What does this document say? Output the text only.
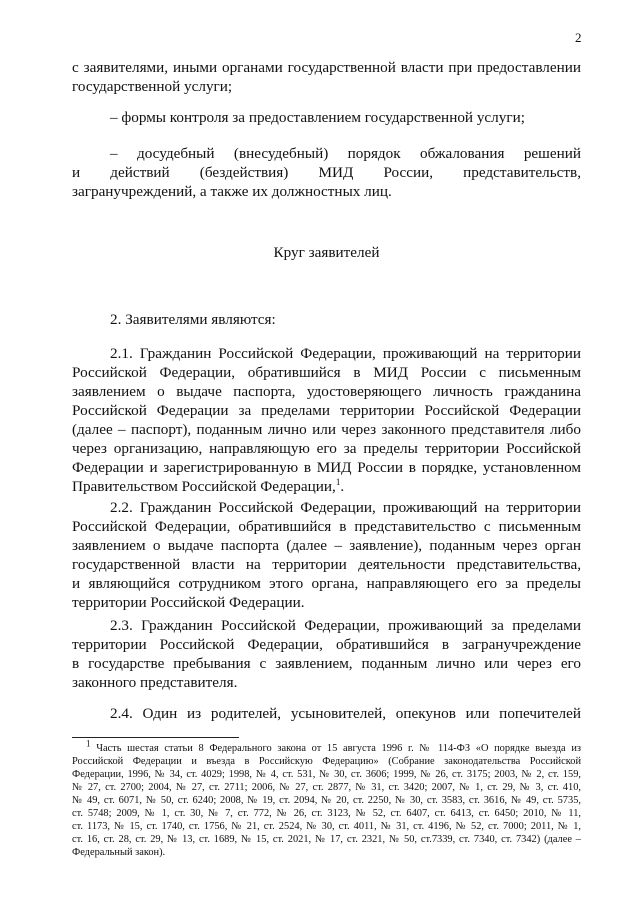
2
с заявителями, иными органами государственной власти при предоставлении
государственной услуги;
– формы контроля за предоставлением государственной услуги;
– досудебный (внесудебный) порядок обжалования решений
и действий (бездействия) МИД России, представительств,
загранучреждений, а также их должностных лиц.
Круг заявителей
2. Заявителями являются:
2.1. Гражданин Российской Федерации, проживающий на территории
Российской Федерации, обратившийся в МИД России с письменным
заявлением о выдаче паспорта, удостоверяющего личность гражданина
Российской Федерации за пределами территории Российской Федерации
(далее – паспорт), поданным лично или через законного представителя либо
через организацию, направляющую его за пределы территории Российской
Федерации и зарегистрированную в МИД России в порядке, установленном
Правительством Российской Федерации,$^1$.
2.2. Гражданин Российской Федерации, проживающий на территории
Российской Федерации, обратившийся в представительство с письменным
заявлением о выдаче паспорта (далее – заявление), поданным через орган
государственной власти на территории деятельности представительства,
и являющийся сотрудником этого органа, направляющего его за пределы
территории Российской Федерации.
2.3. Гражданин Российской Федерации, проживающий за пределами
территории Российской Федерации, обратившийся в загранучреждение
в государстве пребывания с заявлением, поданным лично или через его
законного представителя.
2.4. Один из родителей, усыновителей, опекунов или попечителей
1 Часть шестая статьи 8 Федерального закона от 15 августа 1996 г. № 114-ФЗ «О порядке выезда из
Российской Федерации и въезда в Российскую Федерацию» (Собрание законодательства Российской
Федерации, 1996, № 34, ст. 4029; 1998, № 4, ст. 531, № 30, ст. 3606; 1999, № 26, ст. 3175; 2003, № 2, ст. 159,
№ 27, ст. 2700; 2004, № 27, ст. 2711; 2006, № 27, ст. 2877, № 31, ст. 3420; 2007, № 1, ст. 29, № 3, ст. 410,
№ 49, ст. 6071, № 50, ст. 6240; 2008, № 19, ст. 2094, № 20, ст. 2250, № 30, ст. 3583, ст. 3616, № 49, ст. 5735,
ст. 5748; 2009, № 1, ст. 30, № 7, ст. 772, № 26, ст. 3123, № 52, ст. 6407, ст. 6413, ст. 6450; 2010, № 11,
ст. 1173, № 15, ст. 1740, ст. 1756, № 21, ст. 2524, № 30, ст. 4011, № 31, ст. 4196, № 52, ст. 7000; 2011, № 1,
ст. 16, ст. 28, ст. 29, № 13, ст. 1689, № 15, ст. 2021, № 17, ст. 2321, № 50, ст.7339, ст. 7340, ст. 7342) (далее –
Федеральный закон).
